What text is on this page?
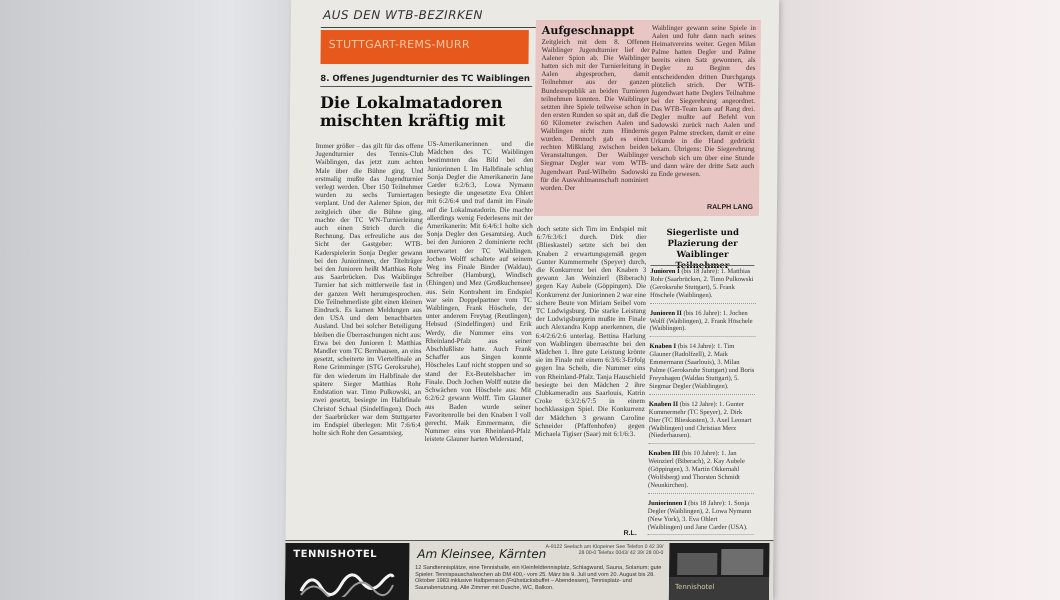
AUS DEN WTB-BEZIRKEN
STUTTGART-REMS-MURR
8. Offenes Jugendturnier des TC Waiblingen
Die Lokalmatadoren mischten kräftig mit
Immer größer – das gilt für das offene Jugendturnier des Tennis-Club Waiblingen, das jetzt zum achten Male über die Bühne ging. Und erstmalig mußte das Jugendturnier verlegt werden. Über 150 Teilnehmer wurden zu sechs Turniertagen verplant. Und der Aalener Spion, der zeitgleich über die Bühne ging, machte der TC WN-Turnierleitung auch einen Strich durch die Rechnung. Das erfreuliche aus der Sicht der Gastgeber: WTB-Kaderspielerin Sonja Degler gewann bei den Juniorinnen, der Titelträger bei den Junioren heißt Matthias Rohr aus Saarbrücken. Das Waiblinger Turnier hat sich mittlerweile fast in der ganzen Welt herumgesprochen. Die Teilnehmerliste gibt einen kleinen Eindruck. Es kamen Meldungen aus den USA und dem benachbarten Ausland. Und bei solcher Beteiligung bleiben die Überraschungen nicht aus: Etwa bei den Junioren I: Matthias Mandler vom TC Bernhausen, an eins gesetzt, scheiterte im Viertelfinale an Rene Grimminger (STG Geroksruhe), für den wiederum im Halbfinale der spätere Sieger Matthias Rohr Endstation war. Timo Pulkowski, an zwei gesetzt, besiegte im Halbfinale Christof Schaal (Sindelfingen). Doch der Saarbrücker war dem Stuttgarter im Endspiel überlegen: Mit 7:6/6:4 holte sich Rohr den Gesamtsieg.
US-Amerikanerinnen und die Mädchen des TC Waiblingen bestimmten das Bild bei den Juniorinnen I. Im Halbfinale schlug Sonja Degler die Amerikanerin Jane Carder 6:2/6:3, Lowa Nymann besiegte die ungesetzte Eva Ohlert mit 6:2/6:4 und traf damit im Finale auf die Lokalmatadorin. Die machte allerdings wenig Federlesens mit der Amerikanerin: Mit 6:4/6:1 holte sich Sonja Degler den Gesamtsieg. Auch bei den Junioren 2 dominierte recht unerwartet der TC Waiblingen. Jochen Wolff schaltete auf seinem Weg ins Finale Binder (Waldau), Schreiber (Hamburg), Windisch (Ehingen) und Mez (Großkuchensee) aus. Sein Kontrahent im Endspiel war sein Doppelpartner vom TC Waiblingen, Frank Höschele, der unter anderem Freytag (Reutlingen), Hebsud (Sindelfingen) und Erik Werdy, die Nummer eins von Rheinland-Pfalz aus seiner Abschlußliste hatte. Auch Frank Schaffer aus Singen konnte Höscheles Lauf nicht stoppen und so stand der Ex-Beutelsbacher im Finale. Doch Jochen Wolff nutzte die Schwächen von Höschele aus: Mit 6:2/6:2 gewann Wolff. Tim Glauner aus Baden wurde seiner Favoritenrolle bei den Knaben I voll gerecht. Maik Emmermann, die Nummer eins von Rheinland-Pfalz leistete Glauner harten Widerstand,
doch setzte sich Tim im Endspiel mit 6:7/6:3/6:1 durch. Dirk dier (Blieskastel) setzte sich bei den Knaben 2 erwartungsgemäß gegen Gunter Kummermehr (Speyer) durch, die Konkurrenz bei den Knaben 3 gewann Jan Weinzierl (Biberach) gegen Kay Aubele (Göppingen). Die Konkurrenz der Juniorinnen 2 war eine sichere Beute von Miriam Seibel vom TC Ludwigsburg. Die starke Leistung der Ludwigsburgerin mußte im Finale auch Alexandra Kopp anerkennen, die 6:4/2:6/2:6 unterlag. Bettina Harlung von Waiblingen überraschte bei den Mädchen 1. Ihre gute Leistung krönte sie im Finale mit einem 6:3/6:3-Erfolg gegen Ina Scheib, die Nummer eins von Rheinland-Pfalz. Tanja Hauschield besiegte bei den Mädchen 2 ihre Clubkameradin aus Saarlouis, Katrin Croke 6:3/2:6/7:5 in einem hochklassigen Spiel. Die Konkurrenz der Mädchen 3 gewann Caroline Schneider (Pfaffenhofen) gegen Michaela Tigiser (Saar) mit 6:1/6:3.
R.L.
Aufgeschnappt
Zeitgleich mit dem 8. Offenen Waiblinger Jugendturnier lief der Aalener Spion ab. Die Waiblinger hatten sich mit der Turnierleitung in Aalen abgesprochen, damit Teilnehmer aus der ganzen Bundesrepublik an beiden Turnieren teilnehmen konnten. Die Waiblinger setzten ihre Spiele teilweise schon in den ersten Runden so spät an, daß die 60 Kilometer zwischen Aalen und Waiblingen nicht zum Hindernis wurden. Dennoch gab es einen rechten Mißklang zwischen beiden Veranstaltungen. Der Waiblinger Siegmar Degler war vom WTB-Jugendwart Paul-Wilhelm Sadowski für die Auswahlmannschaft nominiert worden. Der
Waiblinger gewann seine Spiele in Aalen und fuhr dann nach seines Heimatvereins weiter. Gegen Milan Palme hatten Degler und Palme bereits einen Satz gewonnen, als Degler zu Beginn des entscheidenden dritten Durchgangs plötzlich strich. Der WTB-Jugendwart hatte Deglers Teilnahme bei der Siegerehrung angeordnet. Das WTB-Team kam auf Rang drei. Degler mußte auf Befehl von Sadowski zurück nach Aalen und gegen Palme strecken, damit er eine Urkunde in die Hand gedrückt bekam. Übrigens: Die Siegerehrung verschob sich um über eine Stunde und dann wäre der dritte Satz auch zu Ende gewesen.
RALPH LANG
Siegerliste und Plazierung der Waiblinger Teilnehmer
Junioren I (bis 18 Jahre): 1. Matthias Rohr (Saarbrücken, 2. Timo Pulkowski (Geroksruhe Stuttgart), 5. Frank Höschele (Waiblingen).
Junioren II (bis 16 Jahre): 1. Jochen Wolff (Waiblingen), 2. Frank Höschele (Waiblingen).
Knaben I (bis 14 Jahre): 1. Tim Glauner (Radolfzell), 2. Maik Emmermann (Saarlouis), 3. Milan Palme (Geroksruhe Stuttgart) und Boris Freynhagen (Waldau Stuttgart), 5. Siegmar Degler (Waiblingen).
Knaben II (bis 12 Jahre): 1. Gunter Kummermehr (TC Speyer), 2. Dirk Dier (TC Blieskasten), 3. Axel Leonart (Waiblingen) und Christian Merz (Niederhausen).
Knaben III (bis 10 Jahre): 1. Jan Weinzierl (Biberach), 2. Kay Aubele (Göppingen), 3. Martin Okkernahl (Wolfsberg) und Thorsten Schmidt (Neunkirchen).
Juniorinnen I (bis 18 Jahre): 1. Sonja Degler (Waiblingen), 2. Lowa Nymann (New York), 3. Eva Ohlert (Waiblingen) und Jane Carder (USA).
TENNISHOTEL	Am Kleinsee, Kärnten A-9122 Seelach am Klopeiner See Telefon 0 42 39/ 28 00-0 Telefax 0043/ 42 39/ 28 00-0
12 Sandtennisplätze, eine Tennishalle, ein Kleinfeldtennisplatz, Schlagwand, Sauna, Solarium; gute Spieler. Tennispauschalwochen ab DM 400,- vom 25. März bis 9. Juli und vom 20. August bis 28. Oktober 1983 inklusive Halbpension (Frühstücksbuffet – Abendessen), Tennisplatz- und Saunabenutzung. Alle Zimmer mit Dusche, WC, Balkon.	Tennishotel
